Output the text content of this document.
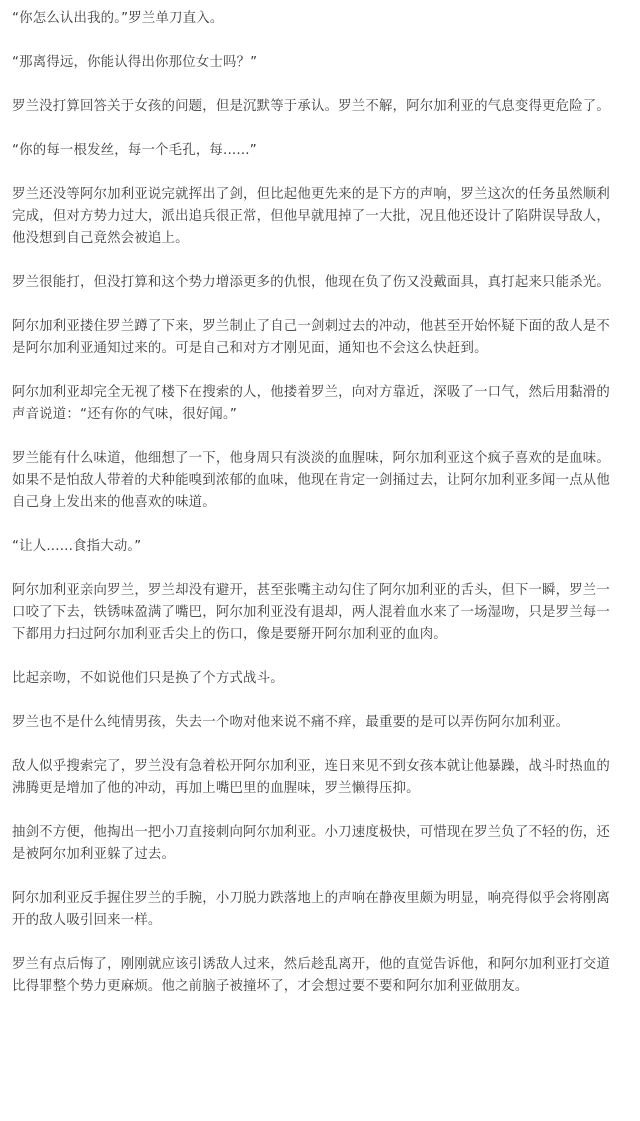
“你怎么认出我的。”罗兰单刀直入。

“那离得远，你能认得出你那位女士吗？”

罗兰没打算回答关于女孩的问题，但是沉默等于承认。罗兰不解，阿尔加利亚的气息变得更危险了。

“你的每一根发丝，每一个毛孔，每......”

罗兰还没等阿尔加利亚说完就挥出了剑，但比起他更先来的是下方的声响，罗兰这次的任务虽然顺利完成，但对方势力过大，派出追兵很正常，但他早就甩掉了一大批，况且他还设计了陷阱误导敌人，他没想到自己竟然会被追上。

罗兰很能打，但没打算和这个势力增添更多的仇恨，他现在负了伤又没戴面具，真打起来只能杀光。

阿尔加利亚搂住罗兰蹲了下来，罗兰制止了自己一剑刺过去的冲动，他甚至开始怀疑下面的敌人是不是阿尔加利亚通知过来的。可是自己和对方才刚见面，通知也不会这么快赶到。

阿尔加利亚却完全无视了楼下在搜索的人，他搂着罗兰，向对方靠近，深吸了一口气，然后用黏滑的声音说道：“还有你的气味，很好闻。”

罗兰能有什么味道，他细想了一下，他身周只有淡淡的血腥味，阿尔加利亚这个疯子喜欢的是血味。如果不是怕敌人带着的犬种能嗅到浓郁的血味，他现在肯定一剑捅过去，让阿尔加利亚多闻一点从他自己身上发出来的他喜欢的味道。

“让人......食指大动。”

阿尔加利亚亲向罗兰，罗兰却没有避开，甚至张嘴主动勾住了阿尔加利亚的舌头，但下一瞬，罗兰一口咬了下去，铁锈味盈满了嘴巴，阿尔加利亚没有退却，两人混着血水来了一场湿吻，只是罗兰每一下都用力扫过阿尔加利亚舌尖上的伤口，像是要掰开阿尔加利亚的血肉。

比起亲吻，不如说他们只是换了个方式战斗。

罗兰也不是什么纯情男孩，失去一个吻对他来说不痛不痒，最重要的是可以弄伤阿尔加利亚。

敌人似乎搜索完了，罗兰没有急着松开阿尔加利亚，连日来见不到女孩本就让他暴躁，战斗时热血的沸腾更是增加了他的冲动，再加上嘴巴里的血腥味，罗兰懒得压抑。

抽剑不方便，他掏出一把小刀直接刺向阿尔加利亚。小刀速度极快，可惜现在罗兰负了不轻的伤，还是被阿尔加利亚躲了过去。

阿尔加利亚反手握住罗兰的手腕，小刀脱力跌落地上的声响在静夜里颇为明显，响亮得似乎会将刚离开的敌人吸引回来一样。

罗兰有点后悔了，刚刚就应该引诱敌人过来，然后趁乱离开，他的直觉告诉他，和阿尔加利亚打交道比得罪整个势力更麻烦。他之前脑子被撞坏了，才会想过要不要和阿尔加利亚做朋友。
